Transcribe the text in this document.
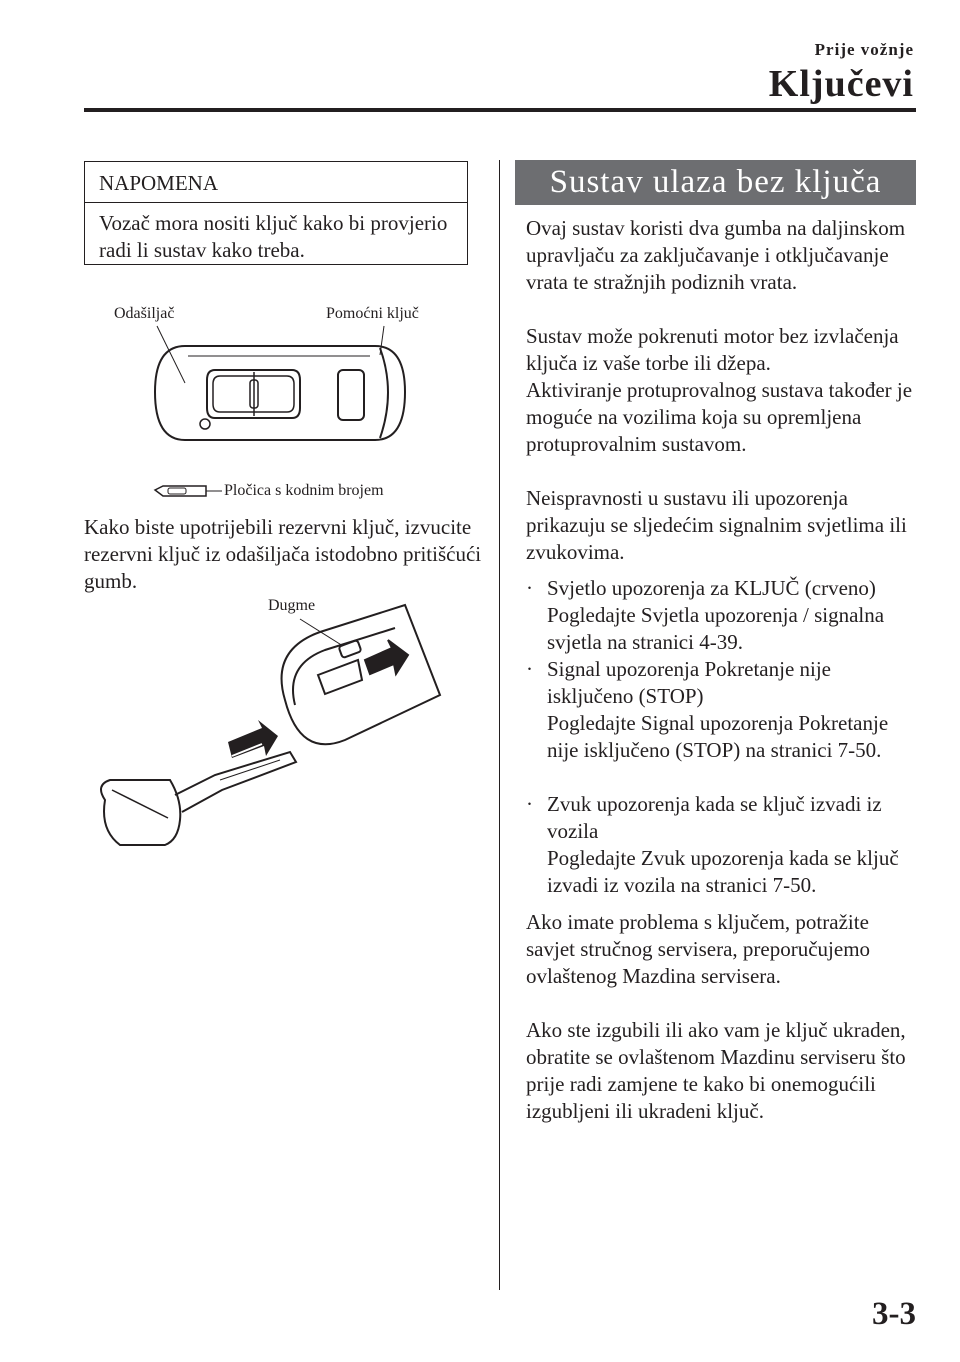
Prije vožnje
Ključevi
NAPOMENA
Vozač mora nositi ključ kako bi provjerio radi li sustav kako treba.
Odašiljač	Pomoćni ključ
Pločica s kodnim brojem
Kako biste upotrijebili rezervni ključ, izvucite rezervni ključ iz odašiljača istodobno pritišćući gumb.
Dugme
Sustav ulaza bez ključa
Ovaj sustav koristi dva gumba na daljinskom upravljaču za zaključavanje i otključavanje vrata te stražnjih podiznih vrata.
Sustav može pokrenuti motor bez izvlačenja ključa iz vaše torbe ili džepa.
Aktiviranje protuprovalnog sustava također je moguće na vozilima koja su opremljena protuprovalnim sustavom.
Neispravnosti u sustavu ili upozorenja prikazuju se sljedećim signalnim svjetlima ili zvukovima.
· Svjetlo upozorenja za KLJUČ (crveno)
Pogledajte Svjetla upozorenja / signalna svjetla na stranici 4-39.
· Signal upozorenja Pokretanje nije isključeno (STOP)
Pogledajte Signal upozorenja Pokretanje nije isključeno (STOP) na stranici 7-50.
· Zvuk upozorenja kada se ključ izvadi iz vozila
Pogledajte Zvuk upozorenja kada se ključ izvadi iz vozila na stranici 7-50.
Ako imate problema s ključem, potražite savjet stručnog servisera, preporučujemo ovlaštenog Mazdina servisera.
Ako ste izgubili ili ako vam je ključ ukraden, obratite se ovlaštenom Mazdinu serviseru što prije radi zamjene te kako bi onemogućili izgubljeni ili ukradeni ključ.
3-3
